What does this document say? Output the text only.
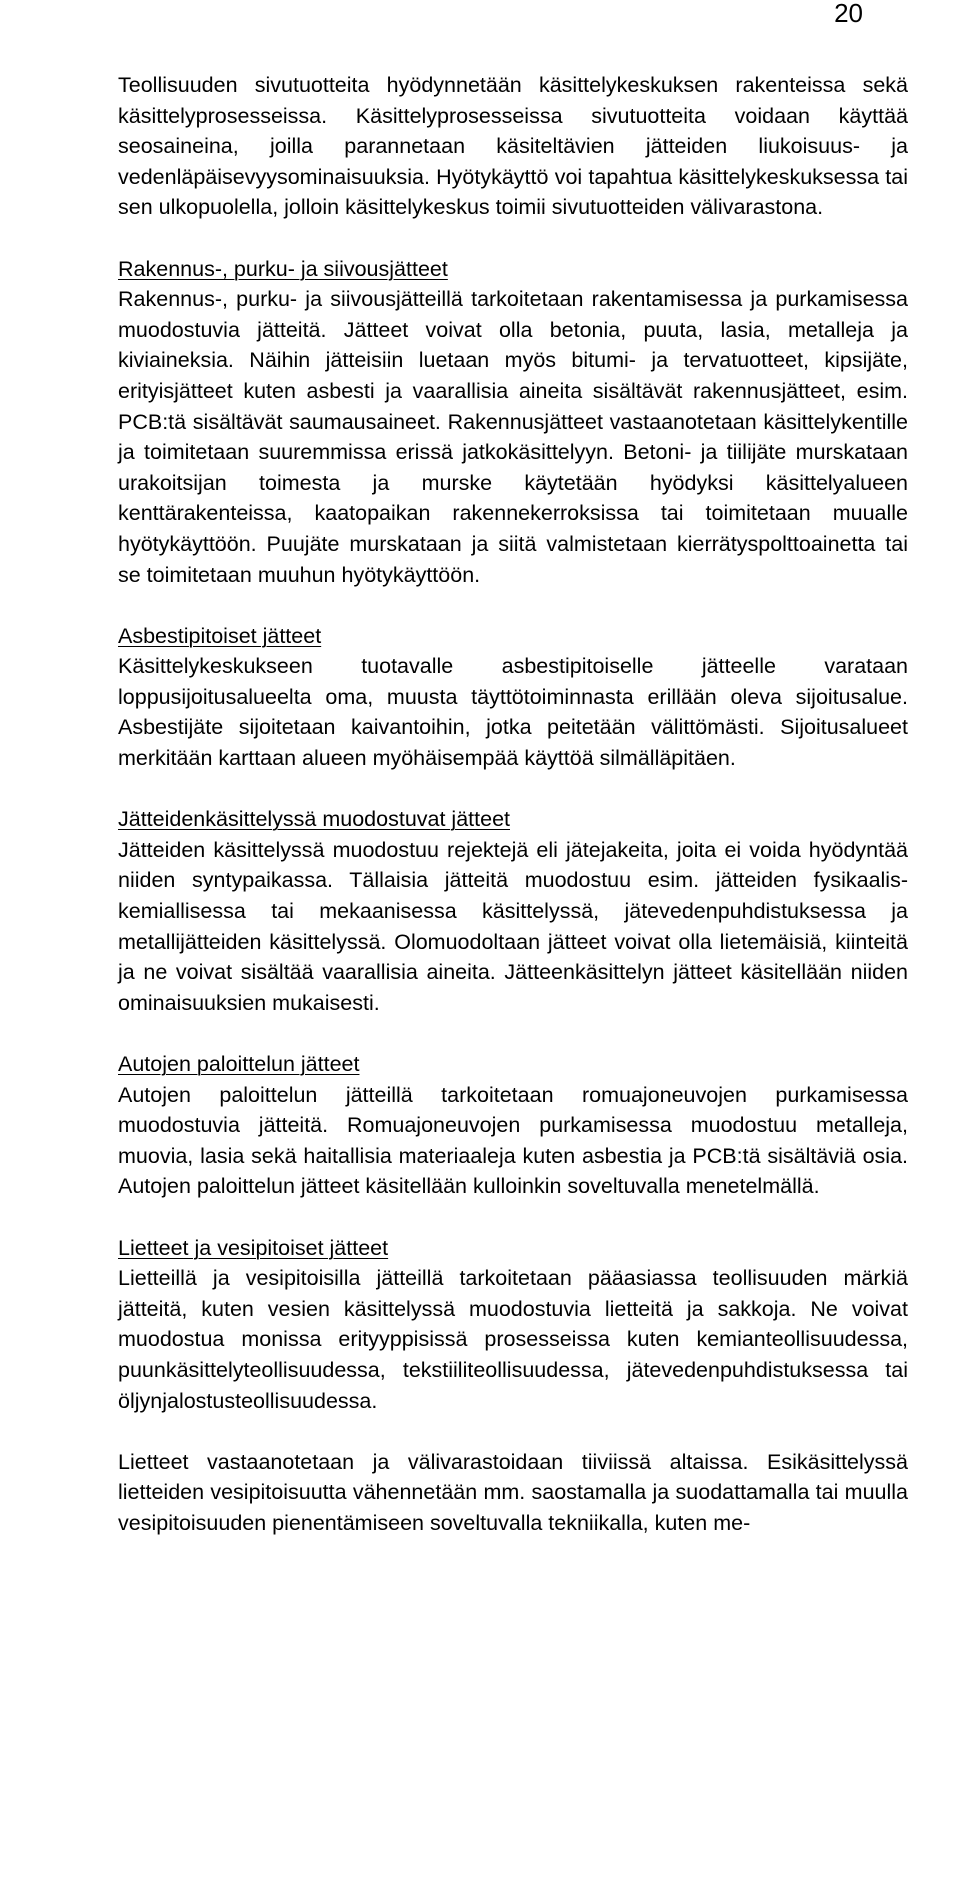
20

Teollisuuden sivutuotteita hyödynnetään käsittelykeskuksen rakenteissa sekä käsittelyprosesseissa. Käsittelyprosesseissa sivutuotteita voidaan käyttää seosaineina, joilla parannetaan käsiteltävien jätteiden liukoisuus- ja vedenläpäisevyysominaisuuksia. Hyötykäyttö voi tapahtua käsittelykeskuksessa tai sen ulkopuolella, jolloin käsittelykeskus toimii sivutuotteiden välivarastona.

Rakennus-, purku- ja siivousjätteet

Rakennus-, purku- ja siivousjätteillä tarkoitetaan rakentamisessa ja purkamisessa muodostuvia jätteitä. Jätteet voivat olla betonia, puuta, lasia, metalleja ja kiviaineksia. Näihin jätteisiin luetaan myös bitumi- ja tervatuotteet, kipsijäte, erityisjätteet kuten asbesti ja vaarallisia aineita sisältävät rakennusjätteet, esim. PCB:tä sisältävät saumausaineet. Rakennusjätteet vastaanotetaan käsittelykentille ja toimitetaan suuremmissa erissä jatkokäsittelyyn. Betoni- ja tiilijäte murskataan urakoitsijan toimesta ja murske käytetään hyödyksi käsittelyalueen kenttärakenteissa, kaatopaikan rakennekerroksissa tai toimitetaan muualle hyötykäyttöön. Puujäte murskataan ja siitä valmistetaan kierrätyspolttoainetta tai se toimitetaan muuhun hyötykäyttöön.

Asbestipitoiset jätteet

Käsittelykeskukseen tuotavalle asbestipitoiselle jätteelle varataan loppusijoitusalueelta oma, muusta täyttötoiminnasta erillään oleva sijoitusalue. Asbestijäte sijoitetaan kaivantoihin, jotka peitetään välittömästi. Sijoitusalueet merkitään karttaan alueen myöhäisempää käyttöä silmälläpitäen.

Jätteidenkäsittelyssä muodostuvat jätteet

Jätteiden käsittelyssä muodostuu rejektejä eli jätejakeita, joita ei voida hyödyntää niiden syntypaikassa. Tällaisia jätteitä muodostuu esim. jätteiden fysikaalis-kemiallisessa tai mekaanisessa käsittelyssä, jätevedenpuhdistuksessa ja metallijätteiden käsittelyssä. Olomuodoltaan jätteet voivat olla lietemäisiä, kiinteitä ja ne voivat sisältää vaarallisia aineita. Jätteenkäsittelyn jätteet käsitellään niiden ominaisuuksien mukaisesti.

Autojen paloittelun jätteet

Autojen paloittelun jätteillä tarkoitetaan romuajoneuvojen purkamisessa muodostuvia jätteitä. Romuajoneuvojen purkamisessa muodostuu metalleja, muovia, lasia sekä haitallisia materiaaleja kuten asbestia ja PCB:tä sisältäviä osia. Autojen paloittelun jätteet käsitellään kulloinkin soveltuvalla menetelmällä.

Lietteet ja vesipitoiset jätteet

Lietteillä ja vesipitoisilla jätteillä tarkoitetaan pääasiassa teollisuuden märkiä jätteitä, kuten vesien käsittelyssä muodostuvia lietteitä ja sakkoja. Ne voivat muodostua monissa erityyppisissä prosesseissa kuten kemianteollisuudessa, puunkäsittelyteollisuudessa, tekstiiliteollisuudessa, jätevedenpuhdistuksessa tai öljynjalostusteollisuudessa.

Lietteet vastaanotetaan ja välivarastoidaan tiiviissä altaissa. Esikäsittelyssä lietteiden vesipitoisuutta vähennetään mm. saostamalla ja suodattamalla tai muulla vesipitoisuuden pienentämiseen soveltuvalla tekniikalla, kuten me-
